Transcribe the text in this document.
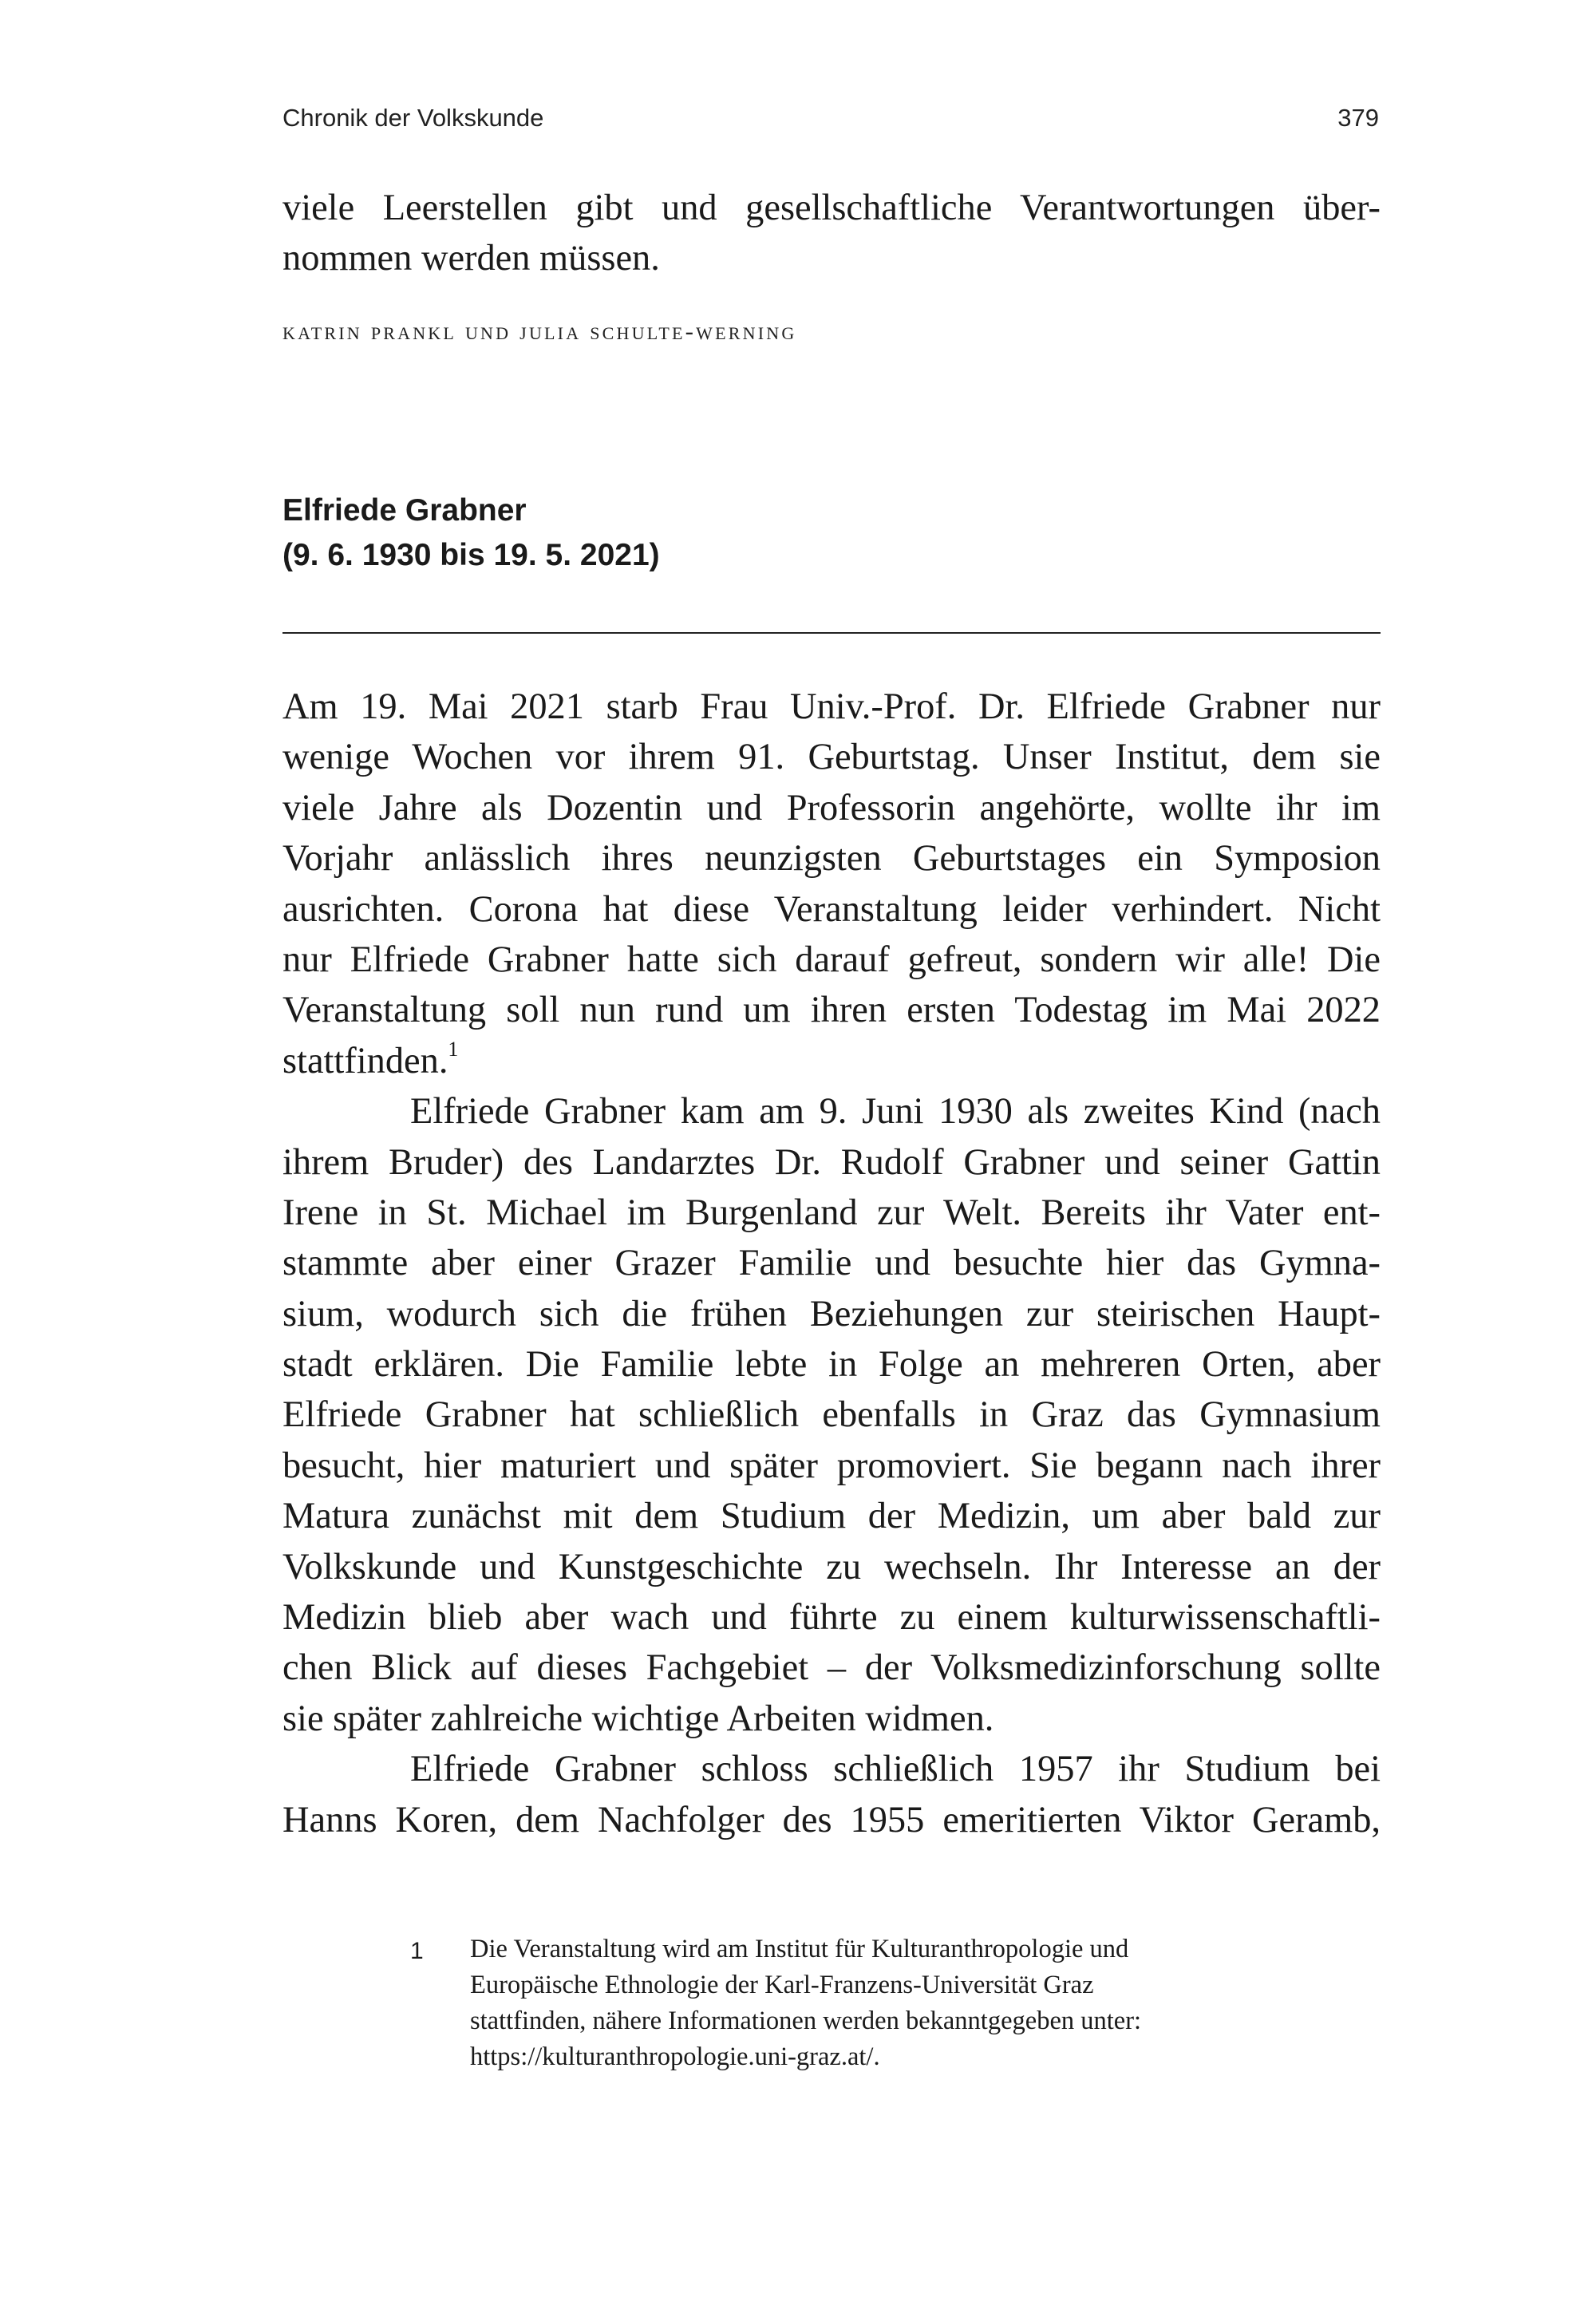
Chronik der Volkskunde	379
viele Leerstellen gibt und gesellschaftliche Verantwortungen über-
nommen werden müssen.
katrin prankl und julia schulte-werning
Elfriede Grabner
(9. 6. 1930 bis 19. 5. 2021)

Am 19. Mai 2021 starb Frau Univ.-Prof. Dr. Elfriede Grabner nur
wenige Wochen vor ihrem 91. Geburtstag. Unser Institut, dem sie
viele Jahre als Dozentin und Professorin angehörte, wollte ihr im
Vorjahr anlässlich ihres neunzigsten Geburtstages ein Symposion
ausrichten. Corona hat diese Veranstaltung leider verhindert. Nicht
nur Elfriede Grabner hatte sich darauf gefreut, sondern wir alle! Die
Veranstaltung soll nun rund um ihren ersten Todestag im Mai 2022
stattfinden.$^1$

Elfriede Grabner kam am 9. Juni 1930 als zweites Kind (nach
ihrem Bruder) des Landarztes Dr. Rudolf Grabner und seiner Gattin
Irene in St. Michael im Burgenland zur Welt. Bereits ihr Vater ent-
stammte aber einer Grazer Familie und besuchte hier das Gymna-
sium, wodurch sich die frühen Beziehungen zur steirischen Haupt-
stadt erklären. Die Familie lebte in Folge an mehreren Orten, aber
Elfriede Grabner hat schließlich ebenfalls in Graz das Gymnasium
besucht, hier maturiert und später promoviert. Sie begann nach ihrer
Matura zunächst mit dem Studium der Medizin, um aber bald zur
Volkskunde und Kunstgeschichte zu wechseln. Ihr Interesse an der
Medizin blieb aber wach und führte zu einem kulturwissenschaftli-
chen Blick auf dieses Fachgebiet – der Volksmedizinforschung sollte
sie später zahlreiche wichtige Arbeiten widmen.

Elfriede Grabner schloss schließlich 1957 ihr Studium bei
Hanns Koren, dem Nachfolger des 1955 emeritierten Viktor Geramb,

1 Die Veranstaltung wird am Institut für Kulturanthropologie und
Europäische Ethnologie der Karl-Franzens-Universität Graz
stattfinden, nähere Informationen werden bekanntgegeben unter:
https://kulturanthropologie.uni-graz.at/.
